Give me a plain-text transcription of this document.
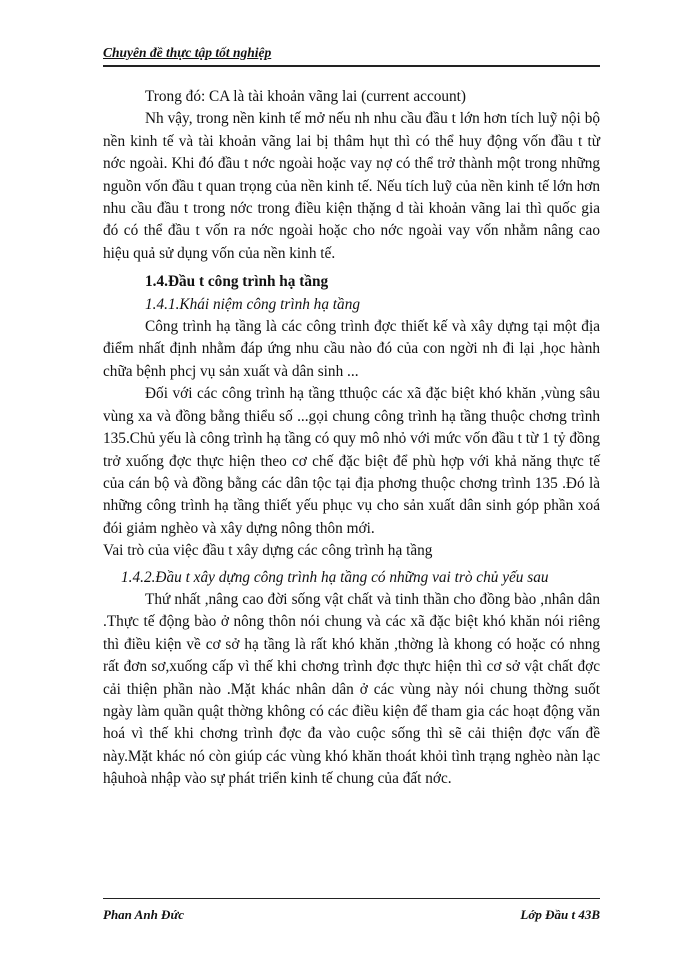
Chuyên đề thực tập tốt nghiệp

Trong đó: CA là tài khoản vãng lai (current account)

Nh vậy, trong nền kinh tế mở nếu nh nhu cầu đầu t lớn hơn tích luỹ nội bộ nền kinh tế và tài khoản vãng lai bị thâm hụt thì có thể huy động vốn đầu t từ nớc ngoài. Khi đó đầu t nớc ngoài hoặc vay nợ có thể trở thành một trong những nguồn vốn đầu t quan trọng của nền kinh tế. Nếu tích luỹ của nền kinh tế lớn hơn nhu cầu đầu t trong nớc trong điều kiện thặng d tài khoản vãng lai thì quốc gia đó có thể đầu t vốn ra nớc ngoài hoặc cho nớc ngoài vay vốn nhằm nâng cao hiệu quả sử dụng vốn của nền kinh tế.

1.4.Đầu t công trình hạ tầng

1.4.1.Khái niệm công trình hạ tầng

Công trình hạ tầng là các công trình đợc thiết kế và xây dựng tại một địa điểm nhất định nhằm đáp ứng nhu cầu nào đó của con ngời nh đi lại ,học hành chữa bệnh phcj vụ sản xuất và dân sinh ...

Đối với các công trình hạ tầng tthuộc các xã đặc biệt khó khăn ,vùng sâu vùng xa và đồng bằng thiểu số ...gọi chung công trình hạ tầng thuộc chơng trình 135.Chủ yếu là công trình hạ tầng có quy mô nhỏ với mức vốn đầu t từ 1 tỷ đồng trở xuống đợc thực hiện theo cơ chế đặc biệt để phù hợp với khả năng thực tế của cán bộ và đồng bằng các dân tộc tại địa phơng thuộc chơng trình 135 .Đó là những công trình hạ tầng thiết yếu phục vụ cho sản xuất dân sinh góp phần xoá đói giảm nghèo và xây dựng nông thôn mới.

Vai trò của việc đầu t xây dựng các công trình hạ tầng

1.4.2.Đầu t xây dựng công trình hạ tầng có những vai trò chủ yếu sau

Thứ nhất ,nâng cao đời sống vật chất và tinh thần cho đồng bào ,nhân dân .Thực tế động bào ở nông thôn nói chung và các xã đặc biệt khó khăn nói riêng thì điều kiện về cơ sở hạ tầng là rất khó khăn ,thờng là khong có hoặc có nhng rất đơn sơ,xuống cấp vì thế khi chơng trình đợc thực hiện thì cơ sở vật chất đợc cải thiện phần nào .Mặt khác nhân dân ở các vùng này nói chung thờng suốt ngày làm quần quật thờng không có các điều kiện để tham gia các hoạt động văn hoá vì thế khi chơng trình đợc đa vào cuộc sống thì sẽ cải thiện đợc vấn đề này.Mặt khác nó còn giúp các vùng khó khăn thoát khỏi tình trạng nghèo nàn lạc hậuhoà nhập vào sự phát triển kinh tế chung của đất nớc.

Phan Anh Đức	Lớp Đầu t 43B
